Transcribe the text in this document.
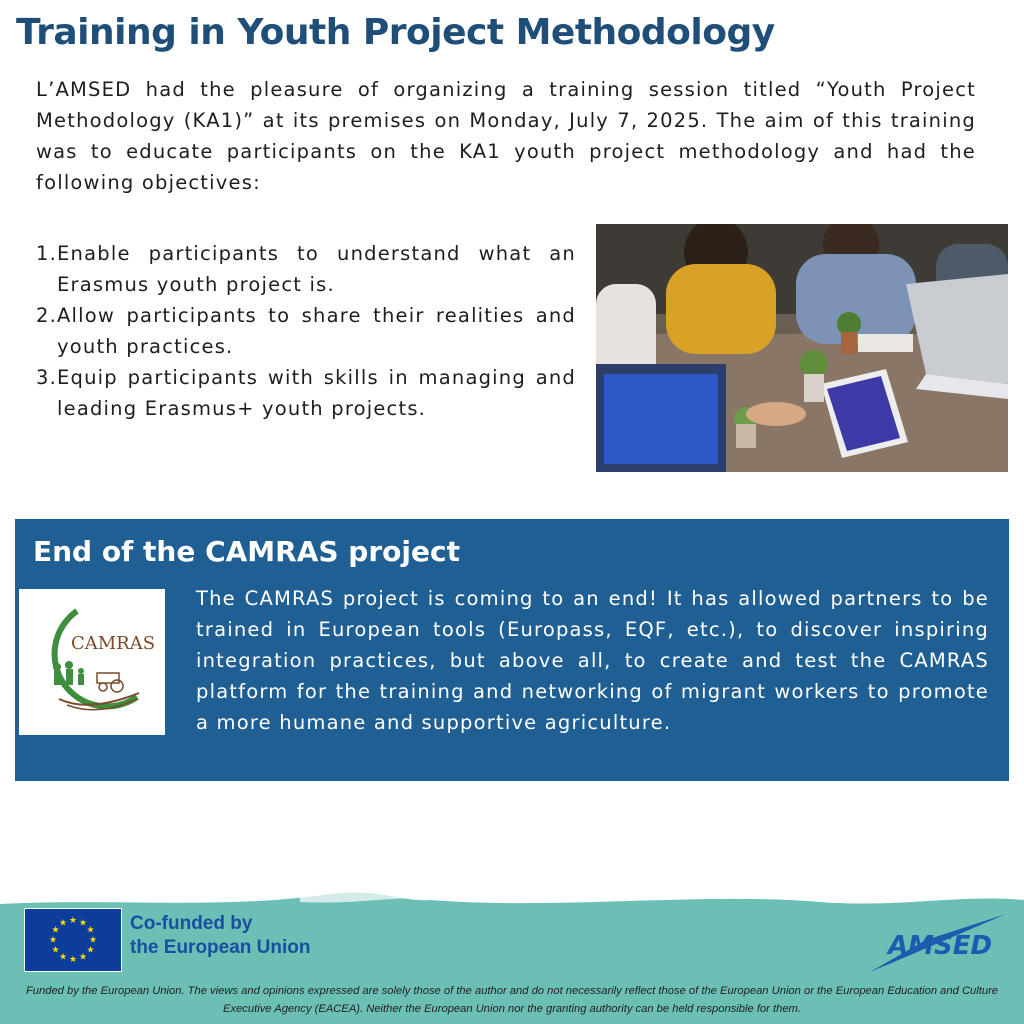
Training in Youth Project Methodology

L’AMSED had the pleasure of organizing a training session titled “Youth Project Methodology (KA1)” at its premises on Monday, July 7, 2025. The aim of this training was to educate participants on the KA1 youth project methodology and had the following objectives:

1. Enable participants to understand what an Erasmus youth project is.
2. Allow participants to share their realities and youth practices.
3. Equip participants with skills in managing and leading Erasmus+ youth projects.
End of the CAMRAS project
CAMRAS

The CAMRAS project is coming to an end! It has allowed partners to be trained in European tools (Europass, EQF, etc.), to discover inspiring integration practices, but above all, to create and test the CAMRAS platform for the training and networking of migrant workers to promote a more humane and supportive agriculture.

★ ★
★
★
★
★
★
★
★
★
★
★	Co-funded by
the European Union	AMSED

Funded by the European Union. The views and opinions expressed are solely those of the author and do not necessarily reflect those of the European Union or the European Education and Culture Executive Agency (EACEA). Neither the European Union nor the granting authority can be held responsible for them.
